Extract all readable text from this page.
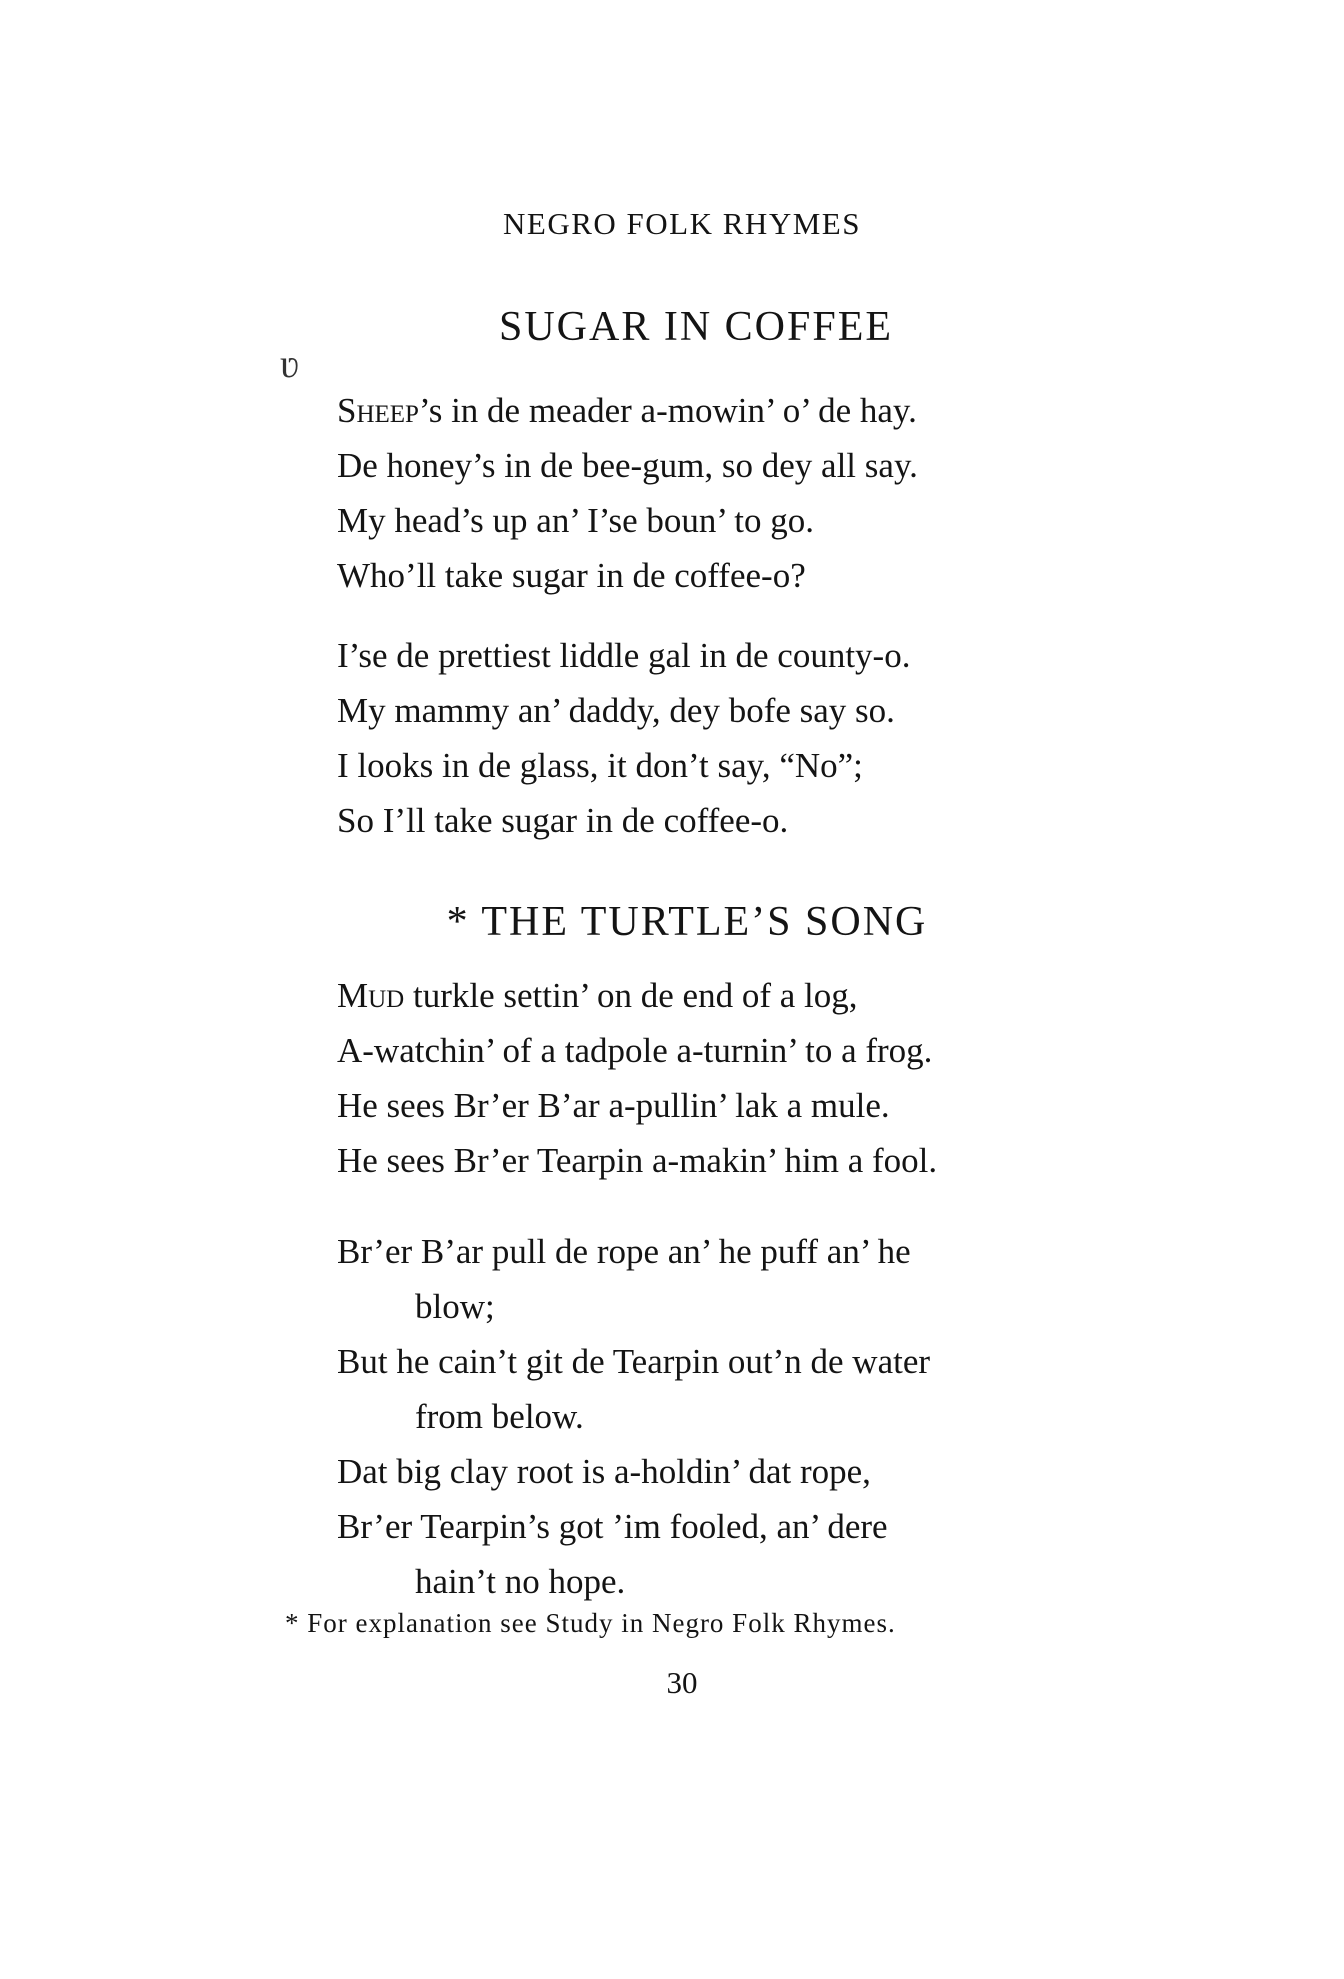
NEGRO FOLK RHYMES
ʋ
SUGAR IN COFFEE
Sheep’s in de meader a-mowin’ o’ de hay.
De honey’s in de bee-gum, so dey all say.
My head’s up an’ I’se boun’ to go.
Who’ll take sugar in de coffee-o?
I’se de prettiest liddle gal in de county-o.
My mammy an’ daddy, dey bofe say so.
I looks in de glass, it don’t say, “No”;
So I’ll take sugar in de coffee-o.
* THE TURTLE’S SONG
Mud turkle settin’ on de end of a log,
A-watchin’ of a tadpole a-turnin’ to a frog.
He sees Br’er B’ar a-pullin’ lak a mule.
He sees Br’er Tearpin a-makin’ him a fool.
Br’er B’ar pull de rope an’ he puff an’ he
blow;
But he cain’t git de Tearpin out’n de water
from below.
Dat big clay root is a-holdin’ dat rope,
Br’er Tearpin’s got ’im fooled, an’ dere
hain’t no hope.
* For explanation see Study in Negro Folk Rhymes.
30
